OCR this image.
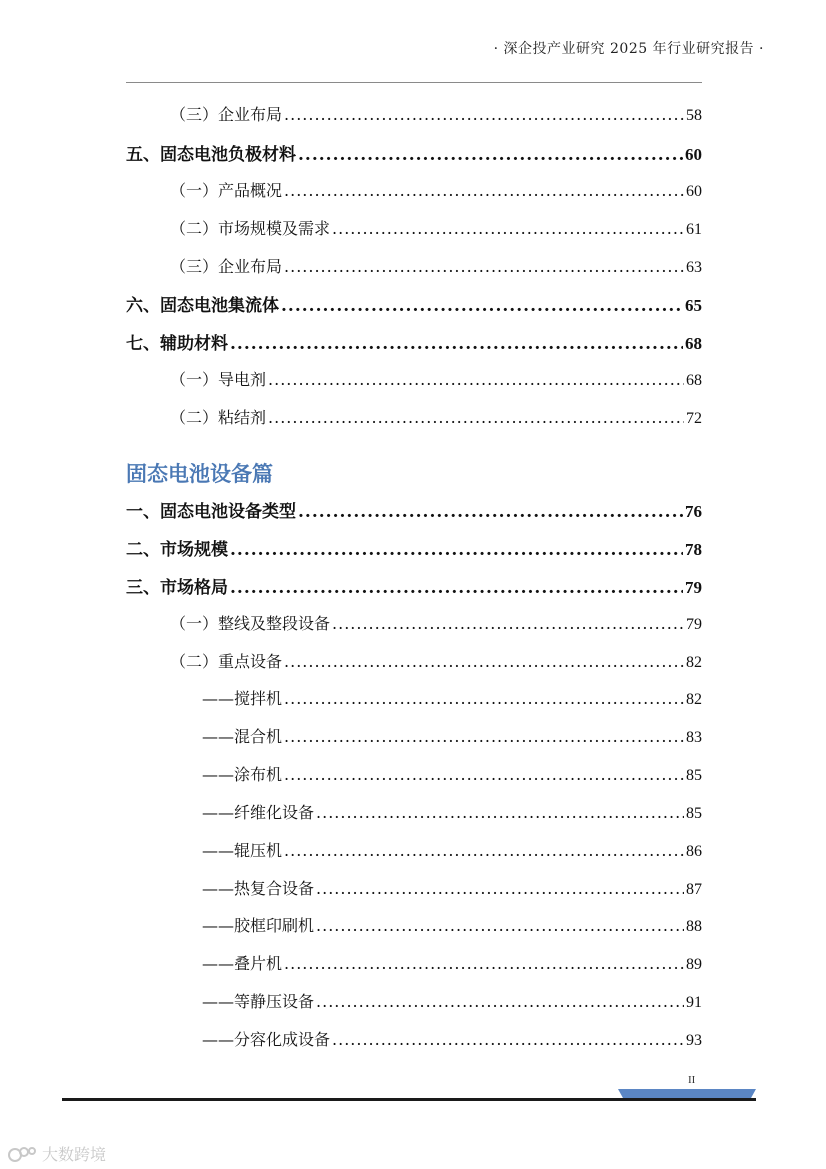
· 深企投产业研究 2025 年行业研究报告 ·
（三）企业布局 .....	58
五、固态电池负极材料 .....	60
（一）产品概况 .....	60
（二）市场规模及需求 .....	61
（三）企业布局 .....	63
六、固态电池集流体 .....	65
七、辅助材料 .....	68
（一）导电剂 .....	68
（二）粘结剂 .....	72
固态电池设备篇
一、固态电池设备类型 .....	76
二、市场规模 .....	78
三、市场格局 .....	79
（一）整线及整段设备 .....	79
（二）重点设备 .....	82
——搅拌机 .....	82
——混合机 .....	83
——涂布机 .....	85
——纤维化设备 .....	85
——辊压机 .....	86
——热复合设备 .....	87
——胶框印刷机 .....	88
——叠片机 .....	89
——等静压设备 .....	91
——分容化成设备 .....	93
II
大数跨境
